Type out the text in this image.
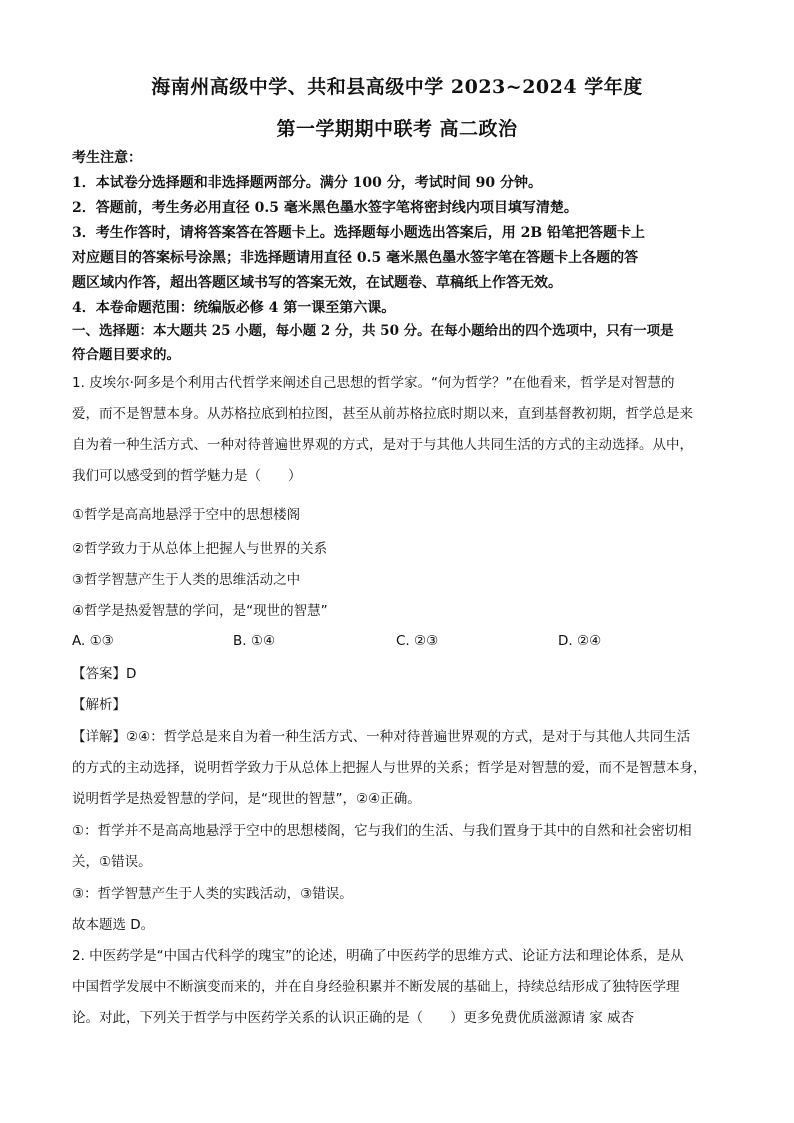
海南州高级中学、共和县高级中学 2023~2024 学年度
第一学期期中联考 高二政治
考生注意：
1．本试卷分选择题和非选择题两部分。满分 100 分，考试时间 90 分钟。
2．答题前，考生务必用直径 0.5 毫米黑色墨水签字笔将密封线内项目填写清楚。
3．考生作答时，请将答案答在答题卡上。选择题每小题选出答案后，用 2B 铅笔把答题卡上
对应题目的答案标号涂黑；非选择题请用直径 0.5 毫米黑色墨水签字笔在答题卡上各题的答
题区域内作答，超出答题区域书写的答案无效，在试题卷、草稿纸上作答无效。
4．本卷命题范围：统编版必修 4 第一课至第六课。
一、选择题：本大题共 25 小题，每小题 2 分，共 50 分。在每小题给出的四个选项中，只有一项是
符合题目要求的。
1. 皮埃尔·阿多是个利用古代哲学来阐述自己思想的哲学家。“何为哲学？”在他看来，哲学是对智慧的
爱，而不是智慧本身。从苏格拉底到柏拉图，甚至从前苏格拉底时期以来，直到基督教初期，哲学总是来
自为着一种生活方式、一种对待普遍世界观的方式，是对于与其他人共同生活的方式的主动选择。从中，
我们可以感受到的哲学魅力是（　　）
①哲学是高高地悬浮于空中的思想楼阁
②哲学致力于从总体上把握人与世界的关系
③哲学智慧产生于人类的思维活动之中
④哲学是热爱智慧的学问，是“现世的智慧”
A. ①③	B. ①④	C. ②③	D. ②④
【答案】D
【解析】
【详解】②④：哲学总是来自为着一种生活方式、一种对待普遍世界观的方式，是对于与其他人共同生活
的方式的主动选择，说明哲学致力于从总体上把握人与世界的关系；哲学是对智慧的爱，而不是智慧本身，
说明哲学是热爱智慧的学问，是“现世的智慧”，②④正确。
①：哲学并不是高高地悬浮于空中的思想楼阁，它与我们的生活、与我们置身于其中的自然和社会密切相
关，①错误。
③：哲学智慧产生于人类的实践活动，③错误。
故本题选 D。
2. 中医药学是“中国古代科学的瑰宝”的论述，明确了中医药学的思维方式、论证方法和理论体系，是从
中国哲学发展中不断演变而来的，并在自身经验积累并不断发展的基础上，持续总结形成了独特医学理
论。对此，下列关于哲学与中医药学关系的认识正确的是（　　）更多免费优质滋源请 家 威杏
